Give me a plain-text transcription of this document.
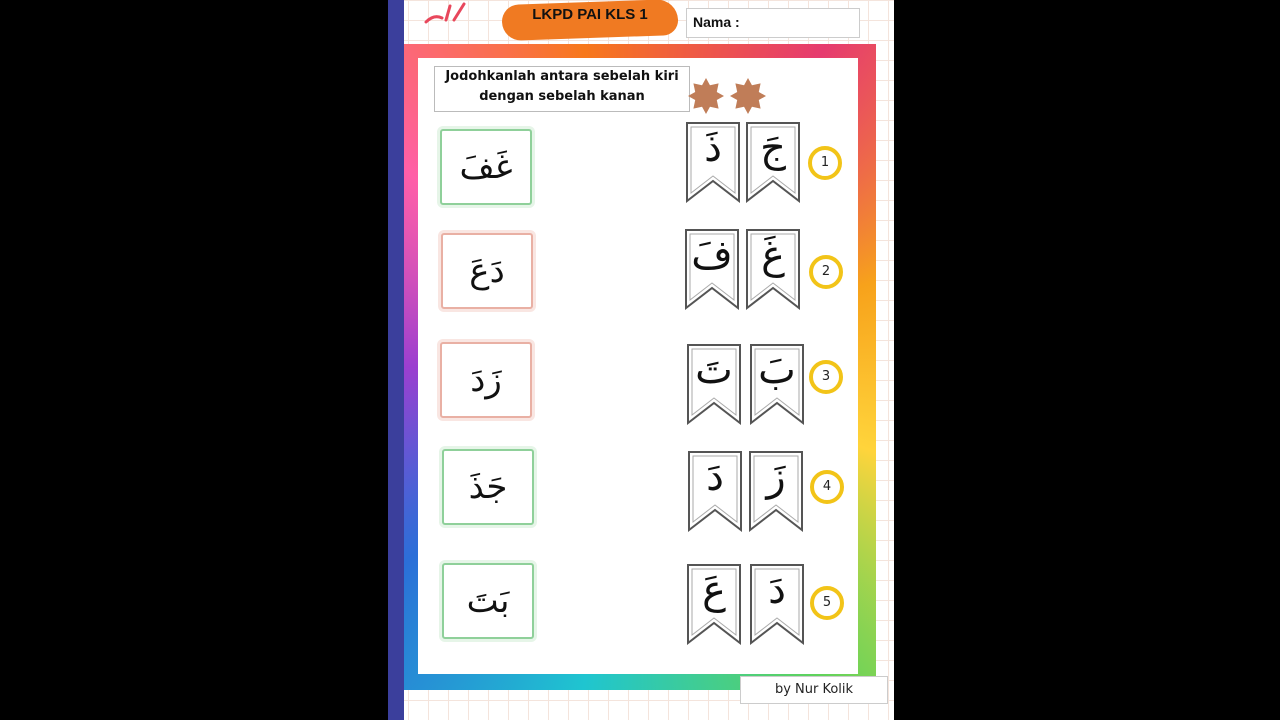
LKPD PAI KLS 1	Nama :
Jodohkanlah antara sebelah kiri
dengan sebelah kanan
غَفَ
دَعَ
زَدَ
جَذَ
بَتَ
ذَ جَ	1
فَ غَ	2
تَ بَ	3
دَ	زَ	4
عَ	دَ	5
by Nur Kolik
